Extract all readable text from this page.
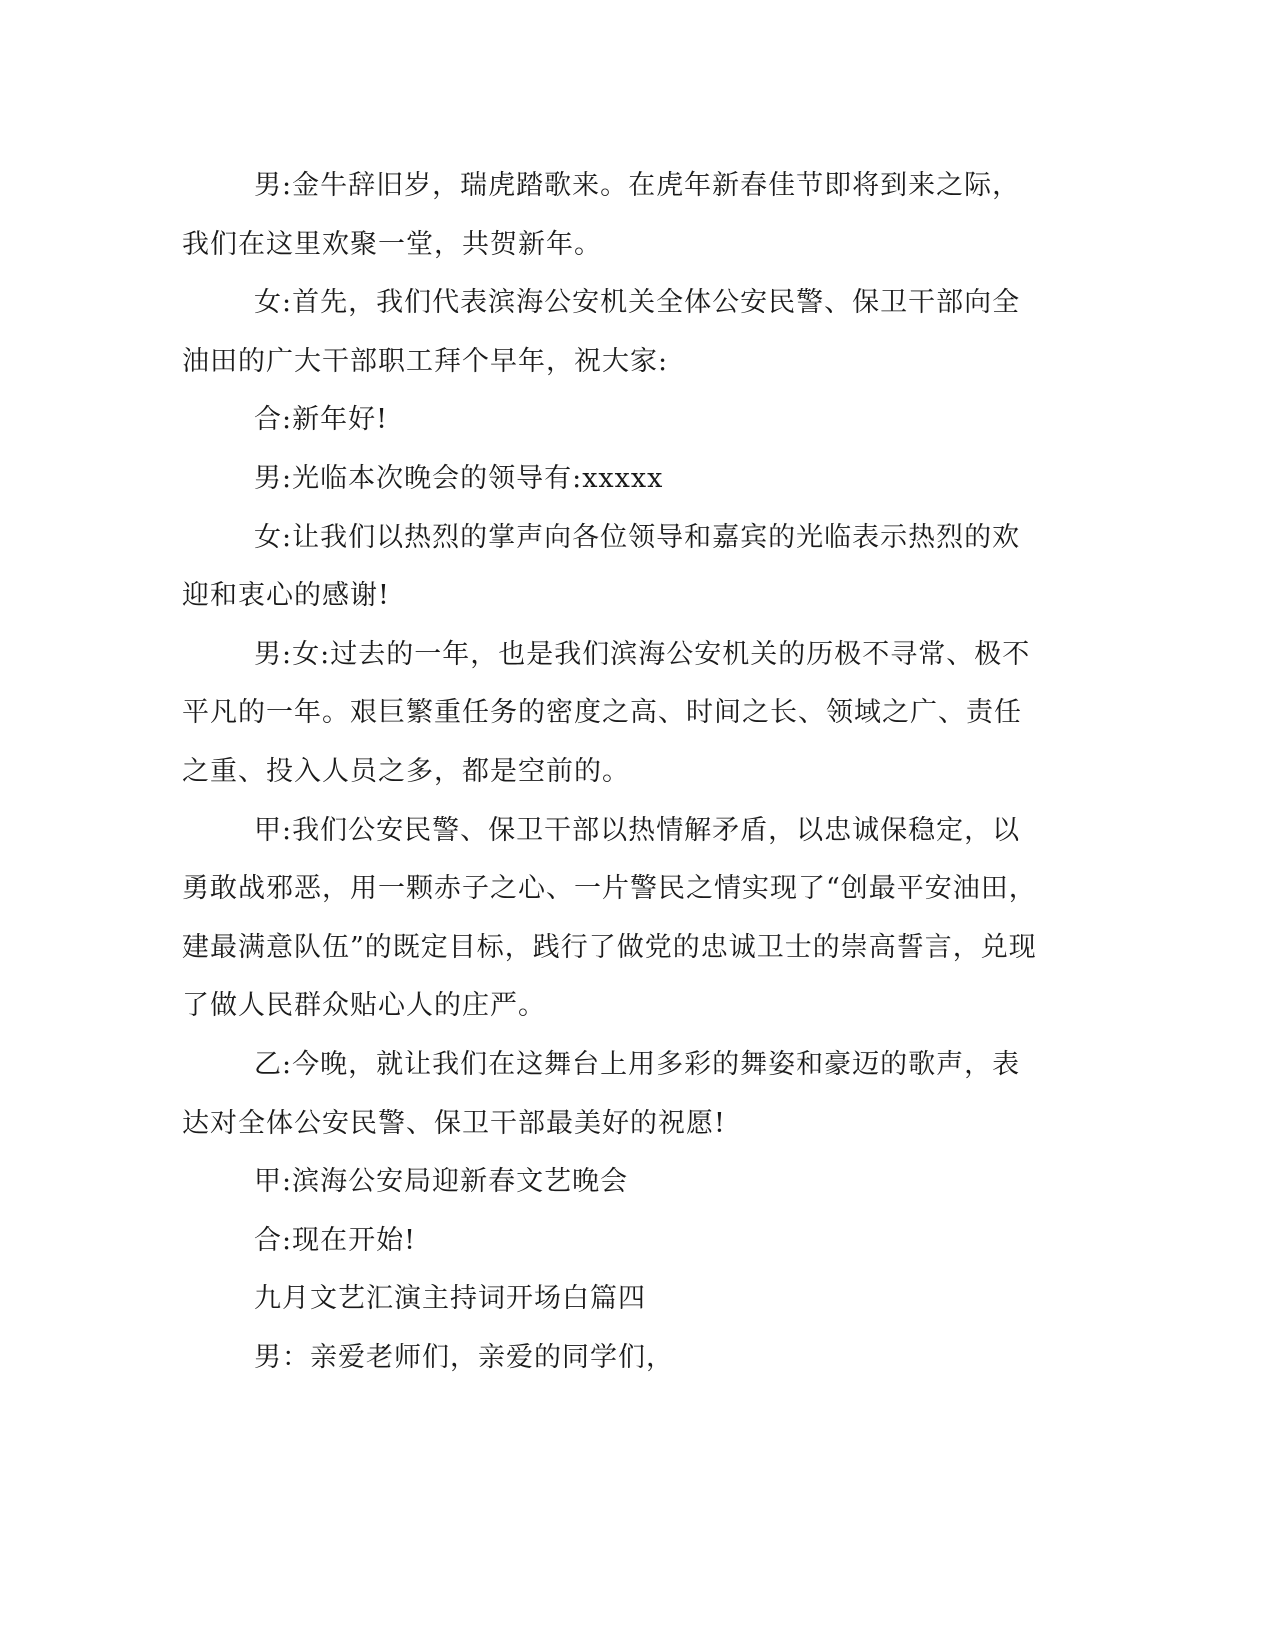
男:金牛辞旧岁，瑞虎踏歌来。在虎年新春佳节即将到来之际，我们在这里欢聚一堂，共贺新年。

女:首先，我们代表滨海公安机关全体公安民警、保卫干部向全油田的广大干部职工拜个早年，祝大家:

合:新年好!

男:光临本次晚会的领导有:xxxxx

女:让我们以热烈的掌声向各位领导和嘉宾的光临表示热烈的欢迎和衷心的感谢!

男:女:过去的一年，也是我们滨海公安机关的历极不寻常、极不平凡的一年。艰巨繁重任务的密度之高、时间之长、领域之广、责任之重、投入人员之多，都是空前的。

甲:我们公安民警、保卫干部以热情解矛盾，以忠诚保稳定，以勇敢战邪恶，用一颗赤子之心、一片警民之情实现了“创最平安油田，建最满意队伍”的既定目标，践行了做党的忠诚卫士的崇高誓言，兑现了做人民群众贴心人的庄严。

乙:今晚，就让我们在这舞台上用多彩的舞姿和豪迈的歌声，表达对全体公安民警、保卫干部最美好的祝愿!

甲:滨海公安局迎新春文艺晚会

合:现在开始!

九月文艺汇演主持词开场白篇四

男：亲爱老师们，亲爱的同学们，
